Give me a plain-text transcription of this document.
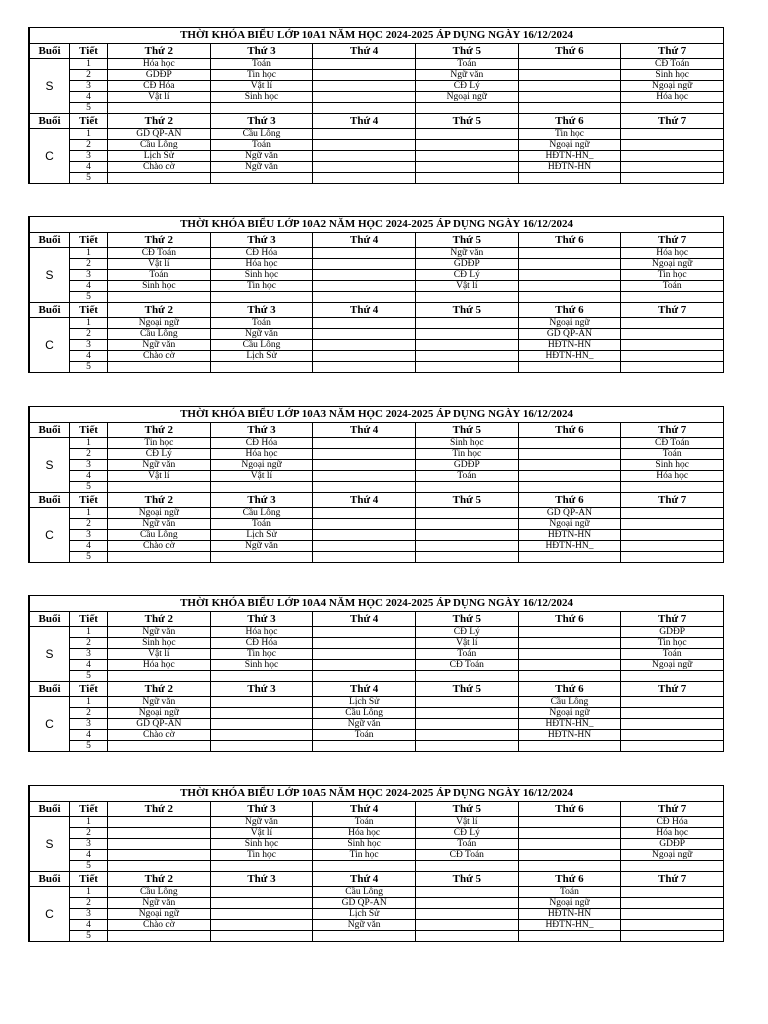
THỜI KHÓA BIỂU LỚP 10A1 NĂM HỌC 2024-2025 ÁP DỤNG NGÀY 16/12/2024							
Buổi	Tiết	Thứ 2	Thứ 3	Thứ 4	Thứ 5	Thứ 6	Thứ 7
S	1	Hóa học	Toán		Toán		CĐ Toán
	2	GDĐP	Tin học		Ngữ văn		Sinh học
	3	CĐ Hóa	Vật lí		CĐ Lý		Ngoại ngữ
	4	Vật lí	Sinh học		Ngoại ngữ		Hóa học
	5						
Buổi	Tiết	Thứ 2	Thứ 3	Thứ 4	Thứ 5	Thứ 6	Thứ 7
C	1	GD QP-AN	Cầu Lông			Tin học	
	2	Cầu Lông	Toán			Ngoại ngữ	
	3	Lịch Sử	Ngữ văn			HĐTN-HN_	
	4	Chào cờ	Ngữ văn			HĐTN-HN	
	5						
THỜI KHÓA BIỂU LỚP 10A2 NĂM HỌC 2024-2025 ÁP DỤNG NGÀY 16/12/2024							
Buổi	Tiết	Thứ 2	Thứ 3	Thứ 4	Thứ 5	Thứ 6	Thứ 7
S	1	CĐ Toán	CĐ Hóa		Ngữ văn		Hóa học
	2	Vật lí	Hóa học		GDĐP		Ngoại ngữ
	3	Toán	Sinh học		CĐ Lý		Tin học
	4	Sinh học	Tin học		Vật lí		Toán
	5						
Buổi	Tiết	Thứ 2	Thứ 3	Thứ 4	Thứ 5	Thứ 6	Thứ 7
C	1	Ngoại ngữ	Toán			Ngoại ngữ	
	2	Cầu Lông	Ngữ văn			GD QP-AN	
	3	Ngữ văn	Cầu Lông			HĐTN-HN	
	4	Chào cờ	Lịch Sử			HĐTN-HN_	
	5						
THỜI KHÓA BIỂU LỚP 10A3 NĂM HỌC 2024-2025 ÁP DỤNG NGÀY 16/12/2024							
Buổi	Tiết	Thứ 2	Thứ 3	Thứ 4	Thứ 5	Thứ 6	Thứ 7
S	1	Tin học	CĐ Hóa		Sinh học		CĐ Toán
	2	CĐ Lý	Hóa học		Tin học		Toán
	3	Ngữ văn	Ngoại ngữ		GDĐP		Sinh học
	4	Vật lí	Vật lí		Toán		Hóa học
	5						
Buổi	Tiết	Thứ 2	Thứ 3	Thứ 4	Thứ 5	Thứ 6	Thứ 7
C	1	Ngoại ngữ	Cầu Lông			GD QP-AN	
	2	Ngữ văn	Toán			Ngoại ngữ	
	3	Cầu Lông	Lịch Sử			HĐTN-HN	
	4	Chào cờ	Ngữ văn			HĐTN-HN_	
	5						
THỜI KHÓA BIỂU LỚP 10A4 NĂM HỌC 2024-2025 ÁP DỤNG NGÀY 16/12/2024							
Buổi	Tiết	Thứ 2	Thứ 3	Thứ 4	Thứ 5	Thứ 6	Thứ 7
S	1	Ngữ văn	Hóa học		CĐ Lý		GDĐP
	2	Sinh học	CĐ Hóa		Vật lí		Tin học
	3	Vật lí	Tin học		Toán		Toán
	4	Hóa học	Sinh học		CĐ Toán		Ngoại ngữ
	5						
Buổi	Tiết	Thứ 2	Thứ 3	Thứ 4	Thứ 5	Thứ 6	Thứ 7
C	1	Ngữ văn		Lịch Sử		Cầu Lông	
	2	Ngoại ngữ		Cầu Lông		Ngoại ngữ	
	3	GD QP-AN		Ngữ văn		HĐTN-HN_	
	4	Chào cờ		Toán		HĐTN-HN	
	5						
THỜI KHÓA BIỂU LỚP 10A5 NĂM HỌC 2024-2025 ÁP DỤNG NGÀY 16/12/2024							
Buổi	Tiết	Thứ 2	Thứ 3	Thứ 4	Thứ 5	Thứ 6	Thứ 7
S	1		Ngữ văn	Toán	Vật lí		CĐ Hóa
	2		Vật lí	Hóa học	CĐ Lý		Hóa học
	3		Sinh học	Sinh học	Toán		GDĐP
	4		Tin học	Tin học	CĐ Toán		Ngoại ngữ
	5						
Buổi	Tiết	Thứ 2	Thứ 3	Thứ 4	Thứ 5	Thứ 6	Thứ 7
C	1	Cầu Lông		Cầu Lông		Toán	
	2	Ngữ văn		GD QP-AN		Ngoại ngữ	
	3	Ngoại ngữ		Lịch Sử		HĐTN-HN	
	4	Chào cờ		Ngữ văn		HĐTN-HN_	
	5						
